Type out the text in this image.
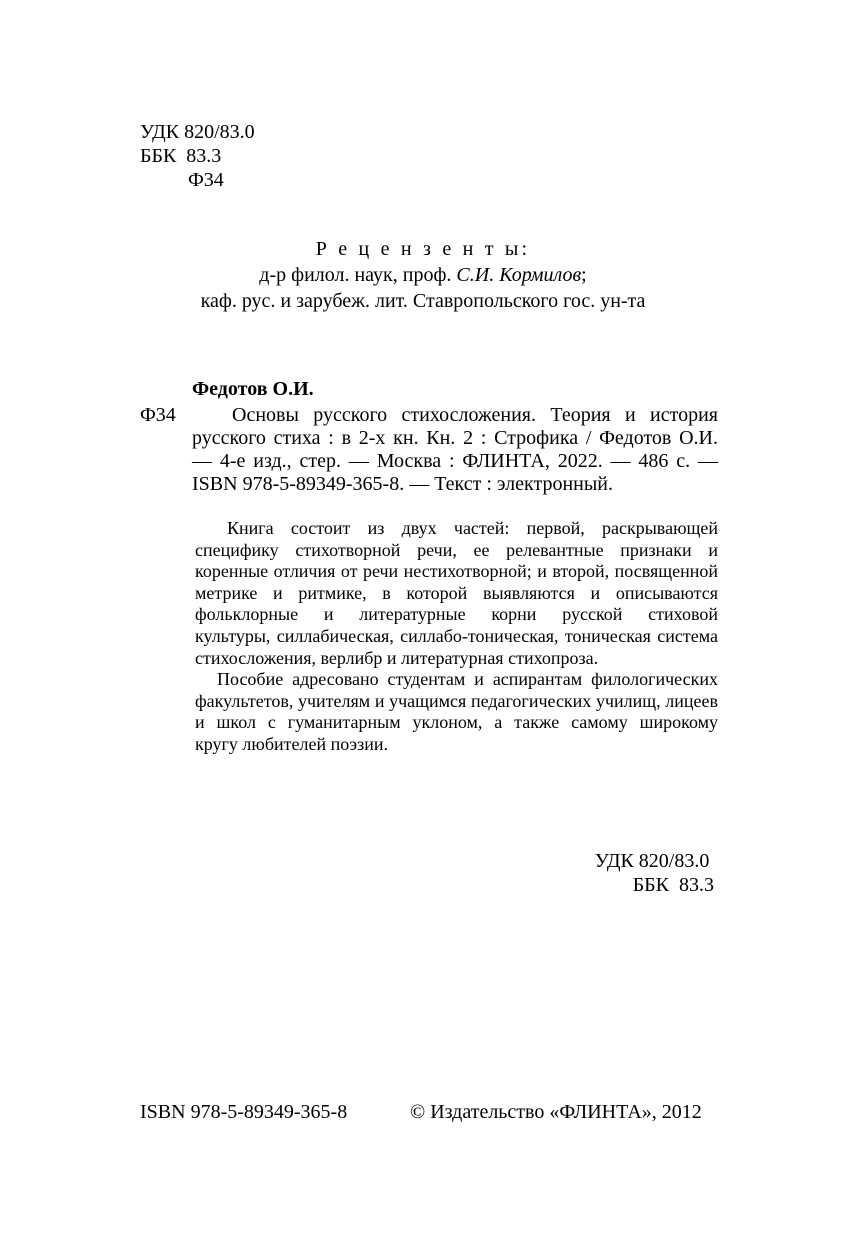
УДК 820/83.0
ББК  83.3
Ф34
Р е ц е н з е н т ы:
д-р филол. наук, проф. С.И. Кормилов;
каф. рус. и зарубеж. лит. Ставропольского гос. ун-та
Федотов О.И.
Ф34	Основы русского стихосложения. Теория и история
русского стиха : в 2-х кн. Кн. 2 : Строфика / Федотов О.И.
— 4-е изд., стер. — Москва : ФЛИНТА, 2022. — 486 с. —
ISBN 978-5-89349-365-8. — Текст : электронный.
Книга состоит из двух частей: первой, раскрывающей
специфику стихотворной речи, ее релевантные признаки и
коренные отличия от речи нестихотворной; и второй, посвященной
метрике и ритмике, в которой выявляются и описываются
фольклорные и литературные корни русской стиховой
культуры, силлабическая, силлабо-тоническая, тоническая система
стихосложения, верлибр и литературная стихопроза.
Пособие адресовано студентам и аспирантам филологических
факультетов, учителям и учащимся педагогических училищ, лицеев
и школ с гуманитарным уклоном, а также самому широкому
кругу любителей поэзии.
УДК 820/83.0
ББК  83.3
ISBN 978-5-89349-365-8	© Издательство «ФЛИНТА», 2012
